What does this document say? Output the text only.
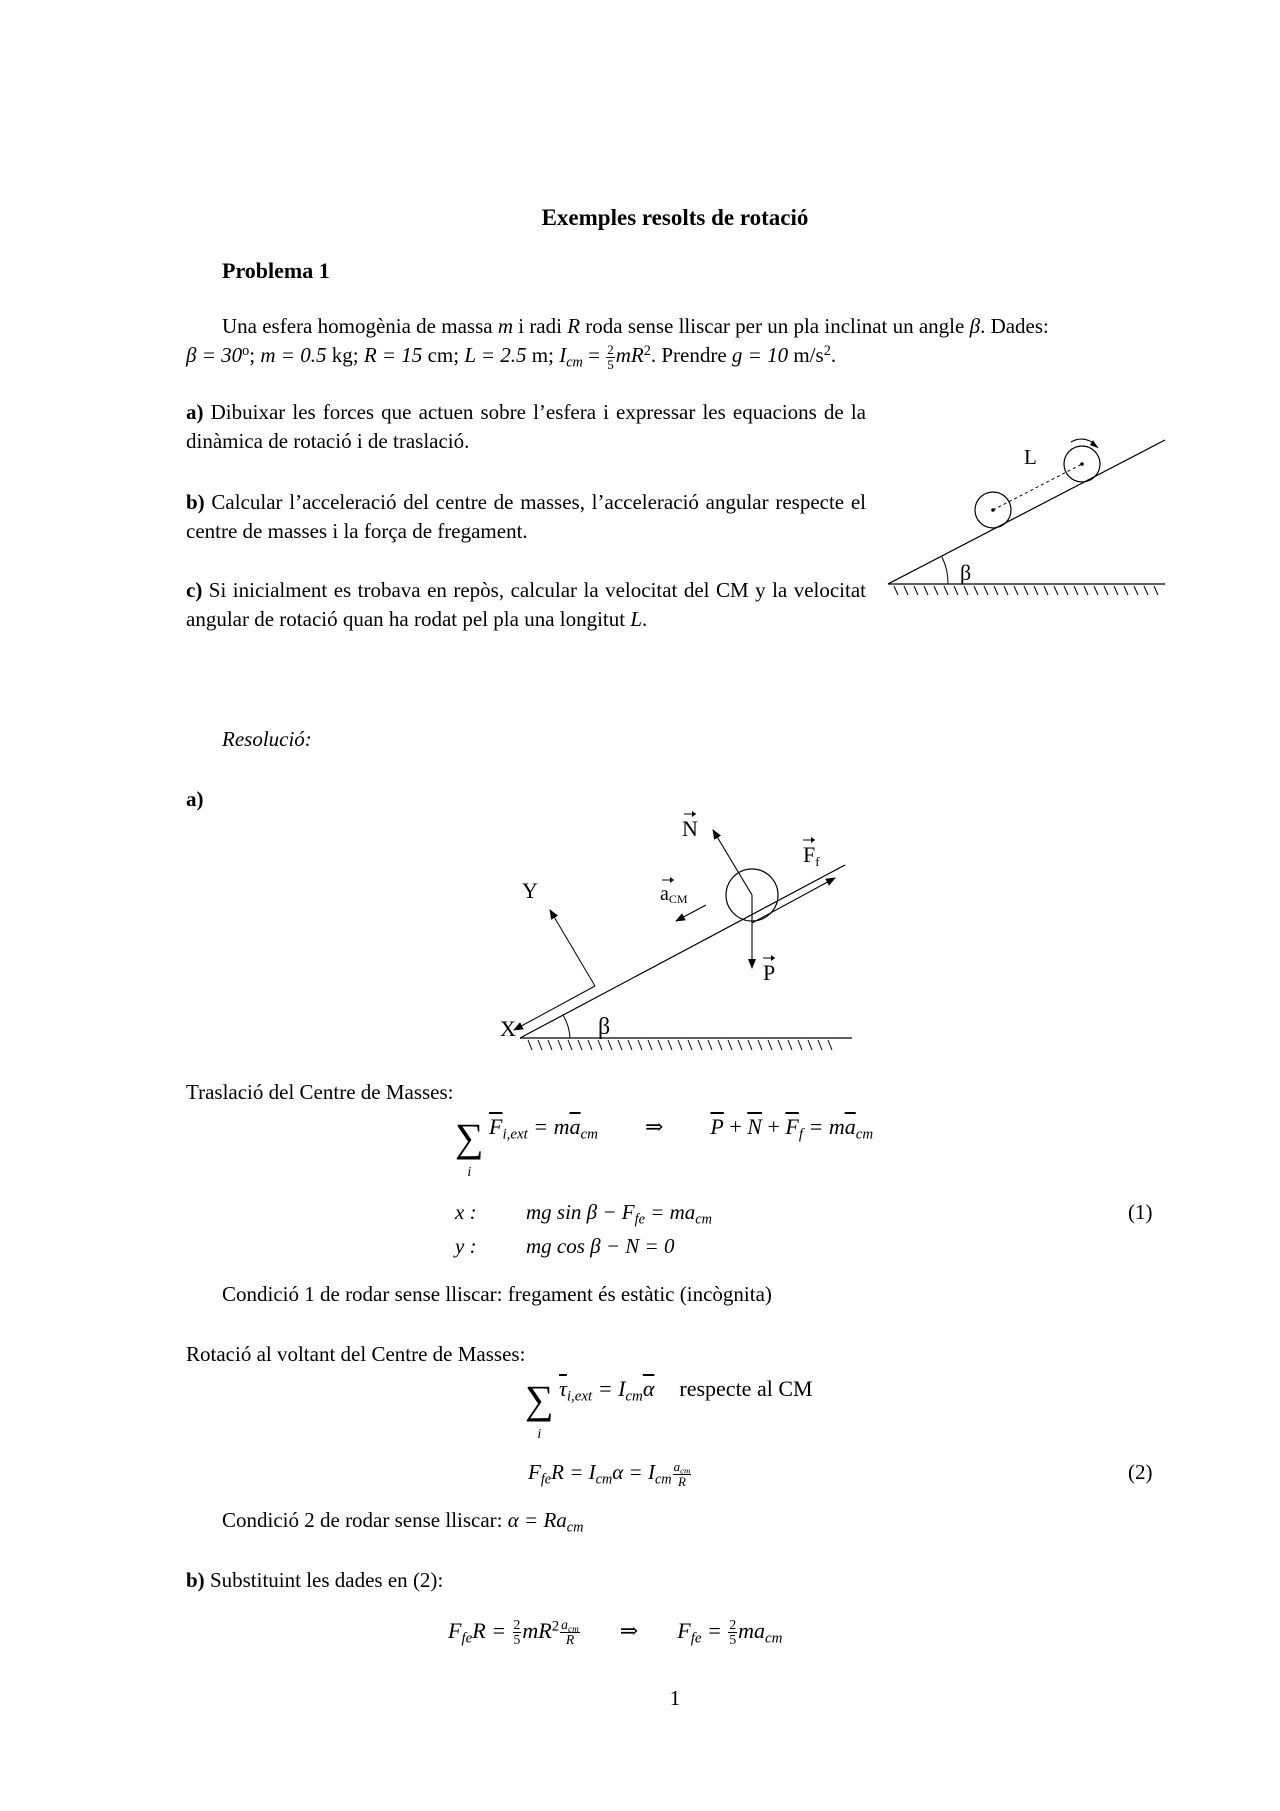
Exemples resolts de rotació
Problema 1
Una esfera homogènia de massa m i radi R roda sense lliscar per un pla inclinat un angle β. Dades:
$\beta = 30^o$; m = 0.5 kg; R = 15 cm; L = 2.5 m; $I_{cm} = \frac{2}{5} mR^2$. Prendre g = 10 $m/s^2$.
a) Dibuixar les forces que actuen sobre l’esfera i expressar les equacions de la dinàmica de rotació i de traslació.
b) Calcular l’acceleració del centre de masses, l’acceleració angular respecte el centre de masses i la força de fregament.
c) Si inicialment es trobava en repòs, calcular la velocitat del CM y la velocitat angular de rotació quan ha rodat pel pla una longitut L.
β
L
Resolució:
a)
β
X
Y
N
P
Ff
aCM
Traslació del Centre de Masses:
∑
i $\overline{F}_{i,ext} = m\overline{a}_{cm}$ ⇒ $\overline{P} + \overline{N} + \overline{F}_f = m\overline{a}_{cm}$
x : mg $\sin \beta - F_{fe} = ma_{cm}$	(1)
y : mg cos β − N = 0
Condició 1 de rodar sense lliscar: fregament és estàtic (incògnita)
Rotació al voltant del Centre de Masses:
∑
i $\overline{\tau}_{i,ext} = I_{cm}\overline{\alpha}$ respecte al CM
$F_{fe}R = I_{cm}\alpha = I_{cm} \frac{a_{cm}}{R}$	(2)
Condició 2 de rodar sense lliscar: $\alpha = Ra_{cm}$
b) Substituint les dades en (2):
$F_{fe}R = \frac{2}{5} mR^2 \frac{a_{cm}}{R}$ ⇒ $F_{fe} = \frac{2}{5} ma_{cm}$
1
